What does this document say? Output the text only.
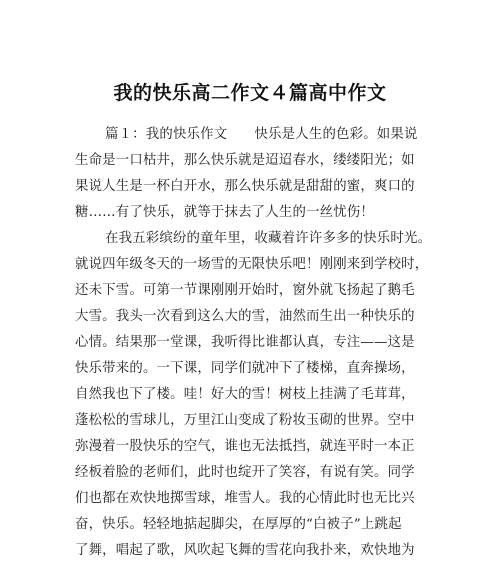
我的快乐高二作文４篇高中作文
篇１：我的快乐作文　　快乐是人生的色彩。如果说
生命是一口枯井，那么快乐就是迢迢春水，缕缕阳光；如
果说人生是一杯白开水，那么快乐就是甜甜的蜜，爽口的
糖……有了快乐，就等于抹去了人生的一丝忧伤！
在我五彩缤纷的童年里，收藏着许许多多的快乐时光。
就说四年级冬天的一场雪的无限快乐吧！刚刚来到学校时，
还未下雪。可第一节课刚刚开始时，窗外就飞扬起了鹅毛
大雪。我头一次看到这么大的雪，油然而生出一种快乐的
心情。结果那一堂课，我听得比谁都认真，专注——这是
快乐带来的。一下课，同学们就冲下了楼梯，直奔操场，
自然我也下了楼。哇！好大的雪！树枝上挂满了毛茸茸，
蓬松松的雪球儿，万里江山变成了粉妆玉砌的世界。空中
弥漫着一股快乐的空气，谁也无法抵挡，就连平时一本正
经板着脸的老师们，此时也绽开了笑容，有说有笑。同学
们也都在欢快地掷雪球，堆雪人。我的心情此时也无比兴
奋，快乐。轻轻地掂起脚尖，在厚厚的“白被子”上跳起
了舞，唱起了歌，风吹起飞舞的雪花向我扑来，欢快地为
